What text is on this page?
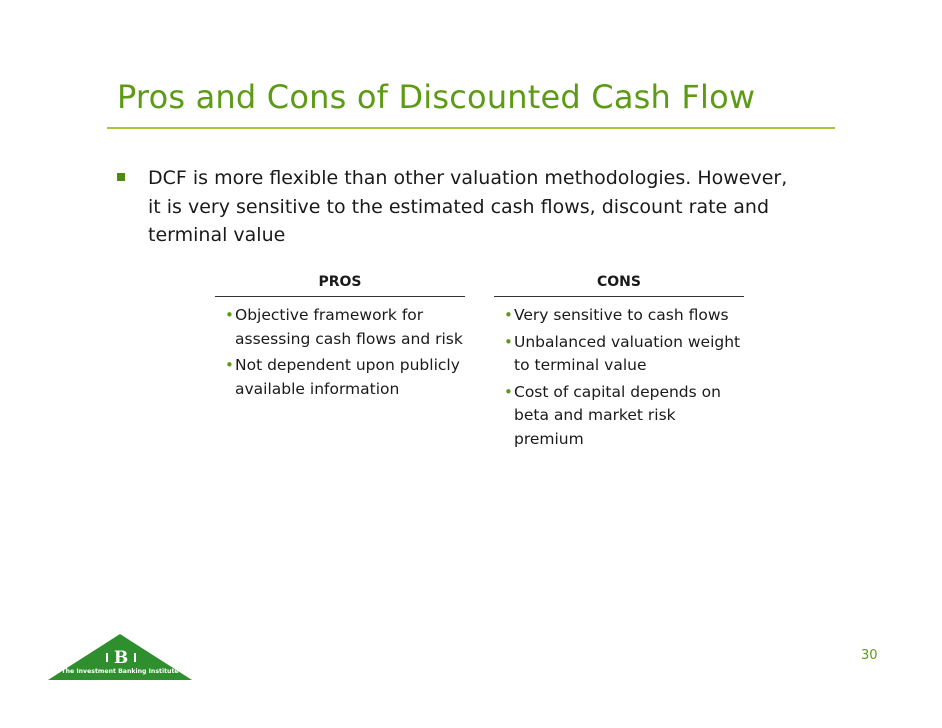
Pros and Cons of Discounted Cash Flow
DCF is more flexible than other valuation methodologies. However, it is very sensitive to the estimated cash flows, discount rate and terminal value
PROS
• Objective framework for assessing cash flows and risk
• Not dependent upon publicly available information
CONS
• Very sensitive to cash flows
• Unbalanced valuation weight to terminal value
• Cost of capital depends on beta and market risk premium
B
The Investment Banking Institute
30
